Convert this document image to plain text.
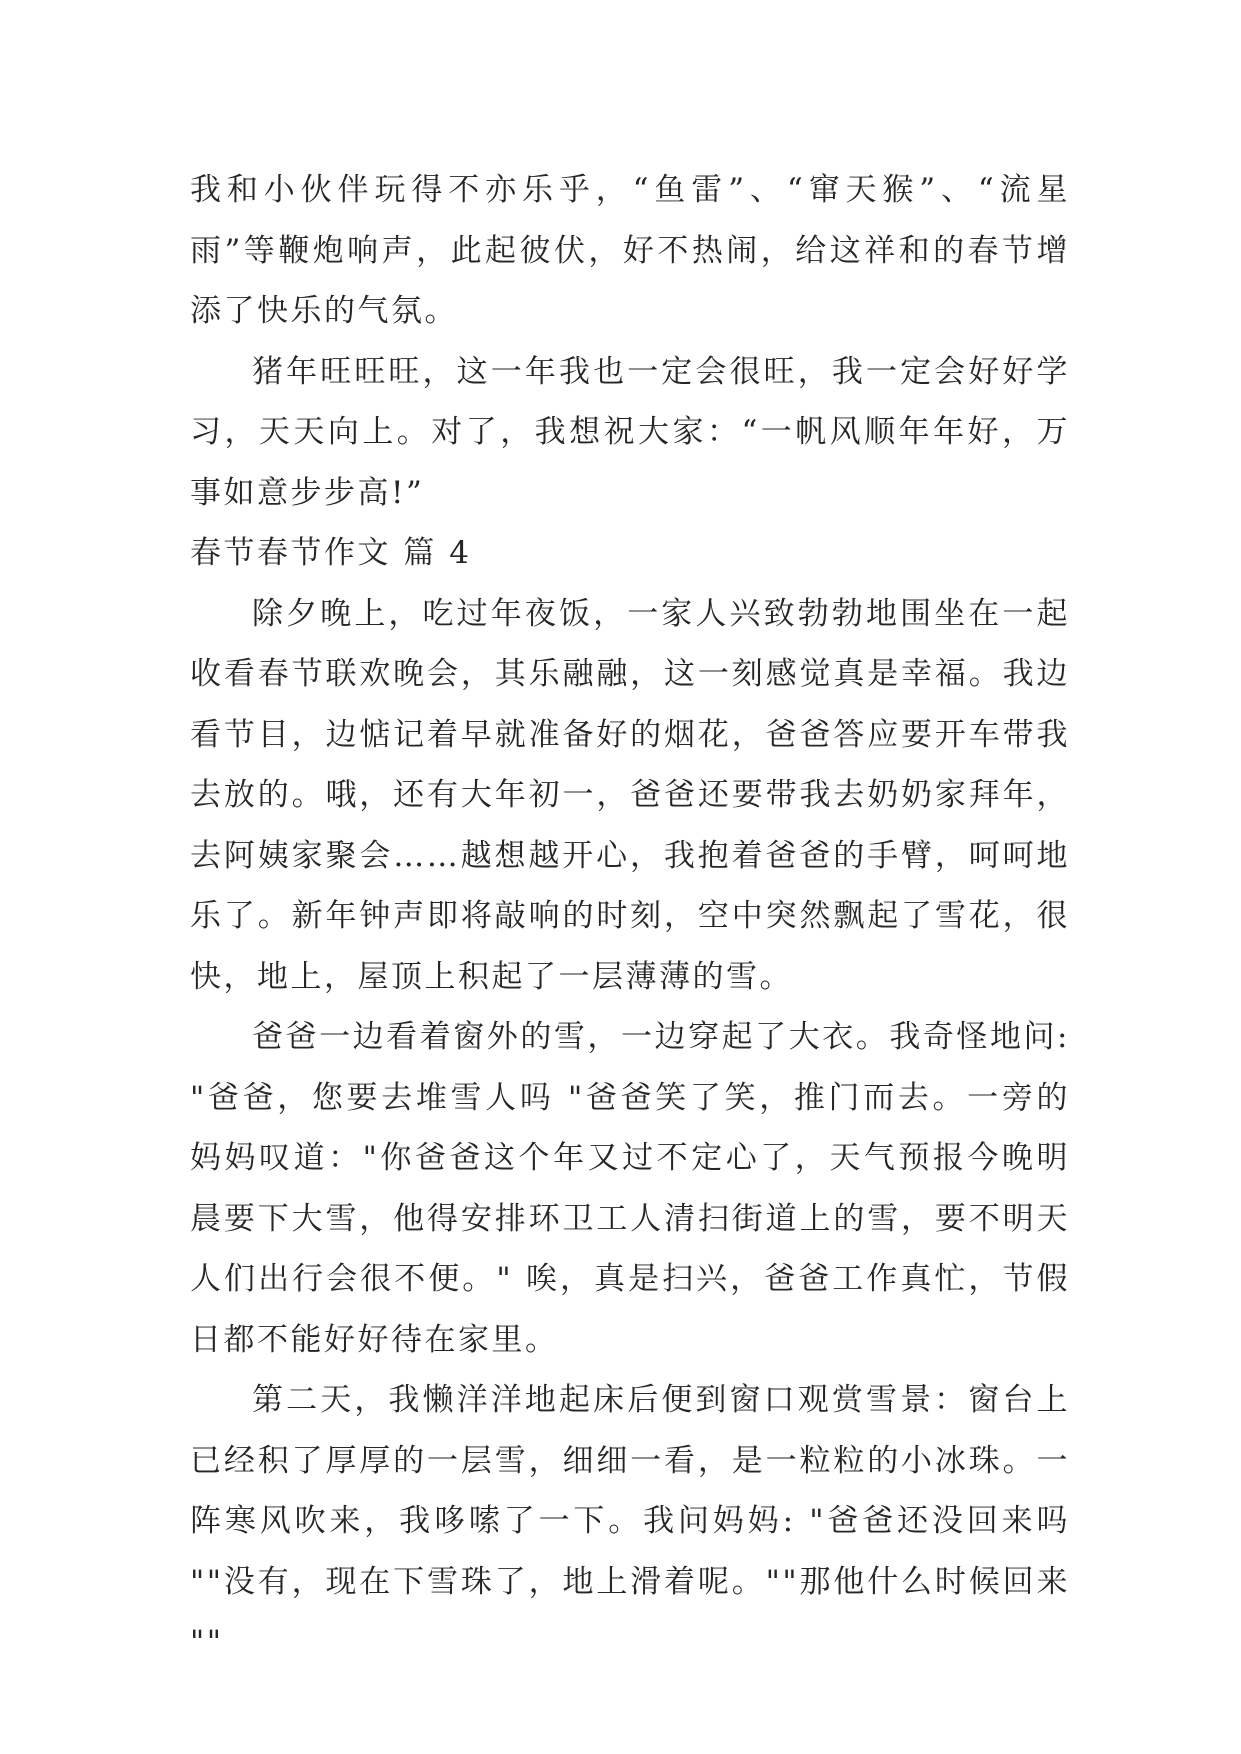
我和小伙伴玩得不亦乐乎，“鱼雷”、“窜天猴”、“流星雨”等鞭炮响声，此起彼伏，好不热闹，给这祥和的春节增添了快乐的气氛。

猪年旺旺旺，这一年我也一定会很旺，我一定会好好学习，天天向上。对了，我想祝大家：“一帆风顺年年好，万事如意步步高!”

春节春节作文 篇 4

除夕晚上，吃过年夜饭，一家人兴致勃勃地围坐在一起收看春节联欢晚会，其乐融融，这一刻感觉真是幸福。我边看节目，边惦记着早就准备好的烟花，爸爸答应要开车带我去放的。哦，还有大年初一，爸爸还要带我去奶奶家拜年，去阿姨家聚会……越想越开心，我抱着爸爸的手臂，呵呵地乐了。新年钟声即将敲响的时刻，空中突然飘起了雪花，很快，地上，屋顶上积起了一层薄薄的雪。

爸爸一边看着窗外的雪，一边穿起了大衣。我奇怪地问: "爸爸，您要去堆雪人吗 "爸爸笑了笑，推门而去。一旁的妈妈叹道："你爸爸这个年又过不定心了，天气预报今晚明晨要下大雪，他得安排环卫工人清扫街道上的雪，要不明天人们出行会很不便。" 唉，真是扫兴，爸爸工作真忙，节假日都不能好好待在家里。

第二天，我懒洋洋地起床后便到窗口观赏雪景：窗台上已经积了厚厚的一层雪，细细一看，是一粒粒的小冰珠。一阵寒风吹来，我哆嗦了一下。我问妈妈: "爸爸还没回来吗 ""没有，现在下雪珠了，地上滑着呢。""那他什么时候回来 ""
